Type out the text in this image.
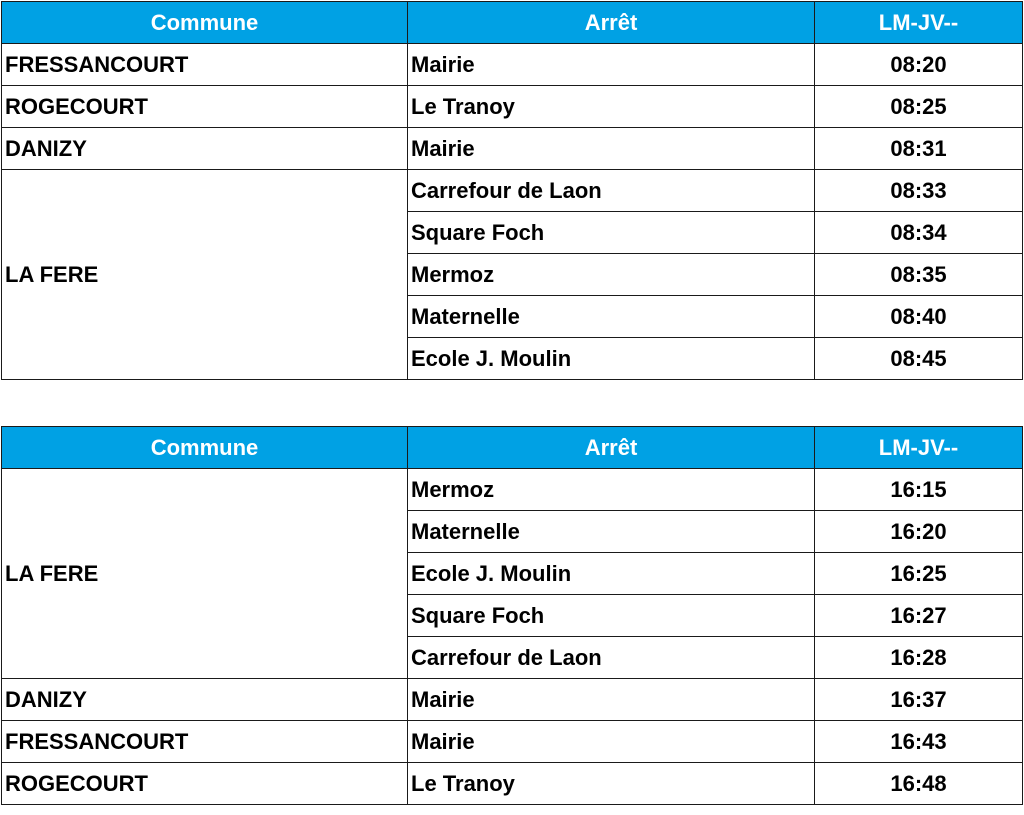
Commune	Arrêt	LM-JV--
FRESSANCOURT	Mairie	08:20
ROGECOURT	Le Tranoy	08:25
DANIZY	Mairie	08:31
LA FERE	Carrefour de Laon	08:33
	Square Foch	08:34
	Mermoz	08:35
	Maternelle	08:40
	Ecole J. Moulin	08:45
Commune	Arrêt	LM-JV--
LA FERE	Mermoz	16:15
	Maternelle	16:20
	Ecole J. Moulin	16:25
	Square Foch	16:27
	Carrefour de Laon	16:28
DANIZY	Mairie	16:37
FRESSANCOURT	Mairie	16:43
ROGECOURT	Le Tranoy	16:48
